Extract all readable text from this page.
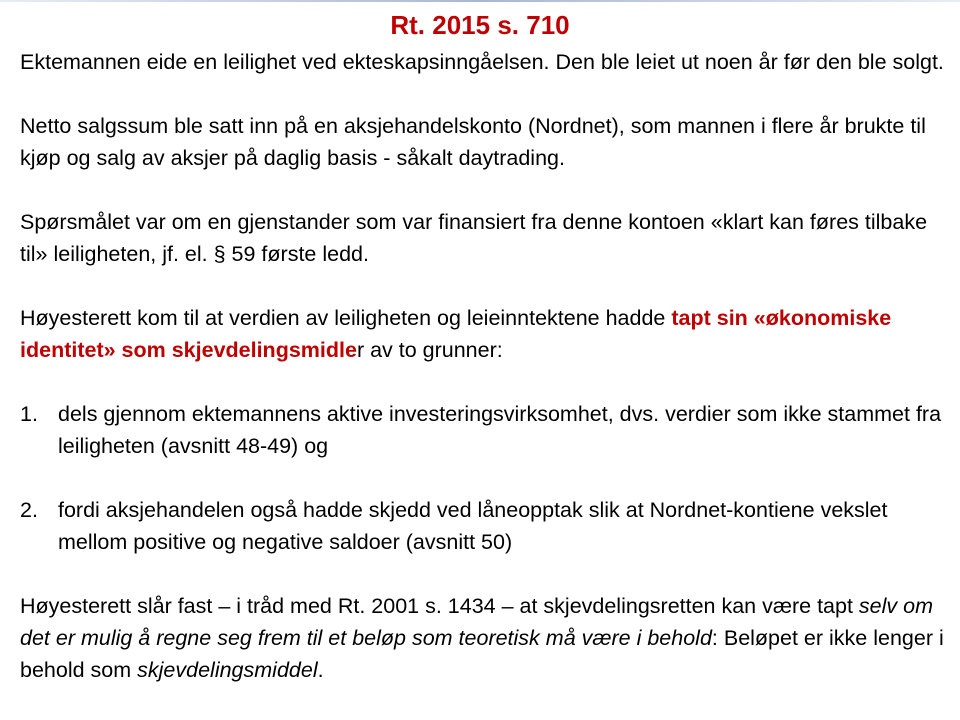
Rt. 2015 s. 710

Ektemannen eide en leilighet ved ekteskapsinngåelsen. Den ble leiet ut noen år før den ble solgt.

Netto salgssum ble satt inn på en aksjehandelskonto (Nordnet), som mannen i flere år brukte til kjøp og salg av aksjer på daglig basis - såkalt daytrading.

Spørsmålet var om en gjenstander som var finansiert fra denne kontoen «klart kan føres tilbake til» leiligheten, jf. el. § 59 første ledd.

Høyesterett kom til at verdien av leiligheten og leieinntektene hadde tapt sin «økonomiske identitet» som skjevdelingsmidler av to grunner:

1. dels gjennom ektemannens aktive investeringsvirksomhet, dvs. verdier som ikke stammet fra leiligheten (avsnitt 48-49) og
2. fordi aksjehandelen også hadde skjedd ved låneopptak slik at Nordnet-kontiene vekslet mellom positive og negative saldoer (avsnitt 50)

Høyesterett slår fast – i tråd med Rt. 2001 s. 1434 – at skjevdelingsretten kan være tapt selv om det er mulig å regne seg frem til et beløp som teoretisk må være i behold: Beløpet er ikke lenger i behold som skjevdelingsmiddel.
